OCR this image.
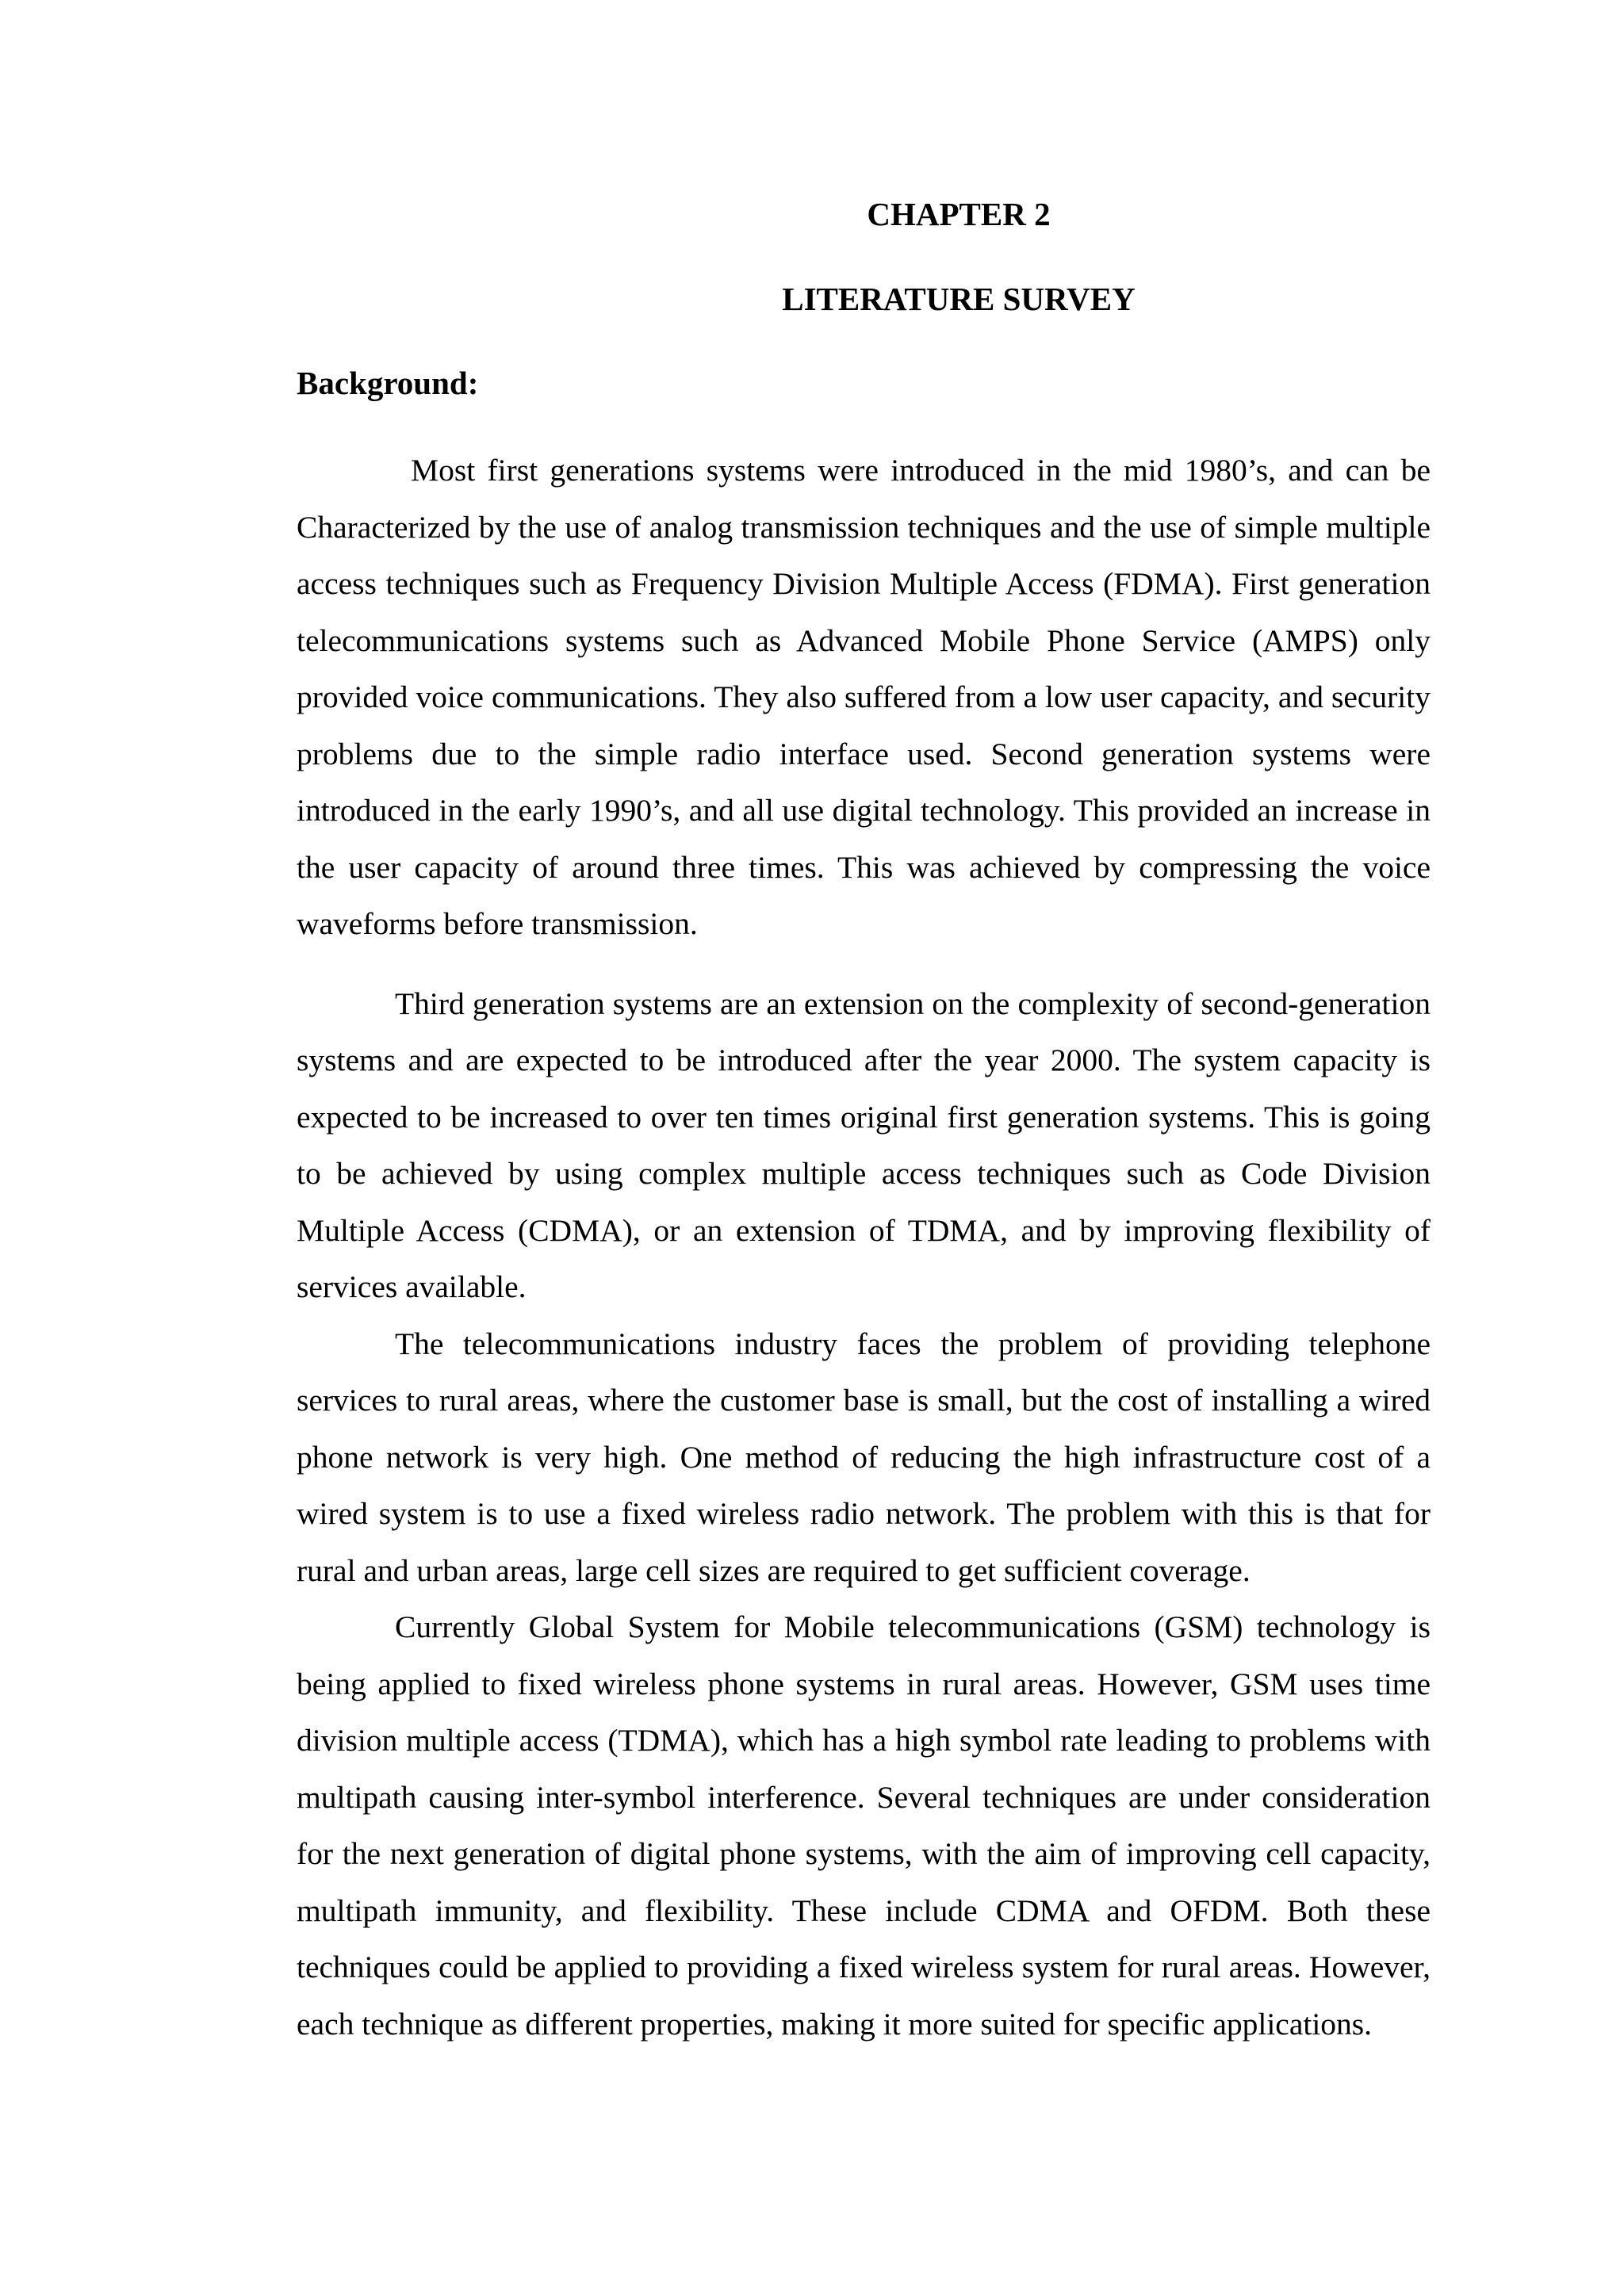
CHAPTER 2
LITERATURE SURVEY
Background:

Most first generations systems were introduced in the mid 1980’s, and can be Characterized by the use of analog transmission techniques and the use of simple multiple access techniques such as Frequency Division Multiple Access (FDMA). First generation telecommunications systems such as Advanced Mobile Phone Service (AMPS) only provided voice communications. They also suffered from a low user capacity, and security problems due to the simple radio interface used. Second generation systems were introduced in the early 1990’s, and all use digital technology. This provided an increase in the user capacity of around three times. This was achieved by compressing the voice waveforms before transmission.

Third generation systems are an extension on the complexity of second-generation systems and are expected to be introduced after the year 2000. The system capacity is expected to be increased to over ten times original first generation systems. This is going to be achieved by using complex multiple access techniques such as Code Division Multiple Access (CDMA), or an extension of TDMA, and by improving flexibility of services available.

The telecommunications industry faces the problem of providing telephone services to rural areas, where the customer base is small, but the cost of installing a wired phone network is very high. One method of reducing the high infrastructure cost of a wired system is to use a fixed wireless radio network. The problem with this is that for rural and urban areas, large cell sizes are required to get sufficient coverage.

Currently Global System for Mobile telecommunications (GSM) technology is being applied to fixed wireless phone systems in rural areas. However, GSM uses time division multiple access (TDMA), which has a high symbol rate leading to problems with multipath causing inter-symbol interference. Several techniques are under consideration for the next generation of digital phone systems, with the aim of improving cell capacity, multipath immunity, and flexibility. These include CDMA and OFDM. Both these techniques could be applied to providing a fixed wireless system for rural areas. However, each technique as different properties, making it more suited for specific applications.
